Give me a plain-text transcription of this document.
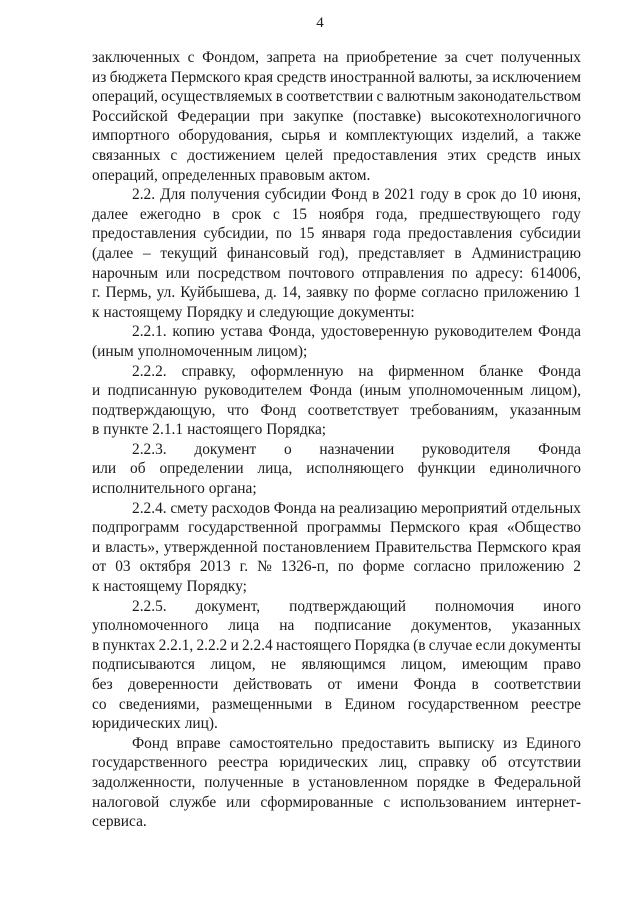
4
заключенных с Фондом, запрета на приобретение за счет полученных
из бюджета Пермского края средств иностранной валюты, за исключением
операций, осуществляемых в соответствии с валютным законодательством
Российской Федерации при закупке (поставке) высокотехнологичного
импортного оборудования, сырья и комплектующих изделий, а также
связанных с достижением целей предоставления этих средств иных
операций, определенных правовым актом.
2.2. Для получения субсидии Фонд в 2021 году в срок до 10 июня,
далее ежегодно в срок с 15 ноября года, предшествующего году
предоставления субсидии, по 15 января года предоставления субсидии
(далее – текущий финансовый год), представляет в Администрацию
нарочным или посредством почтового отправления по адресу: 614006,
г. Пермь, ул. Куйбышева, д. 14, заявку по форме согласно приложению 1
к настоящему Порядку и следующие документы:
2.2.1. копию устава Фонда, удостоверенную руководителем Фонда
(иным уполномоченным лицом);
2.2.2. справку, оформленную на фирменном бланке Фонда
и подписанную руководителем Фонда (иным уполномоченным лицом),
подтверждающую, что Фонд соответствует требованиям, указанным
в пункте 2.1.1 настоящего Порядка;
2.2.3. документ о назначении руководителя Фонда
или об определении лица, исполняющего функции единоличного
исполнительного органа;
2.2.4. смету расходов Фонда на реализацию мероприятий отдельных
подпрограмм государственной программы Пермского края «Общество
и власть», утвержденной постановлением Правительства Пермского края
от 03 октября 2013 г. № 1326-п, по форме согласно приложению 2
к настоящему Порядку;
2.2.5. документ, подтверждающий полномочия иного
уполномоченного лица на подписание документов, указанных
в пунктах 2.2.1, 2.2.2 и 2.2.4 настоящего Порядка (в случае если документы
подписываются лицом, не являющимся лицом, имеющим право
без доверенности действовать от имени Фонда в соответствии
со сведениями, размещенными в Едином государственном реестре
юридических лиц).
Фонд вправе самостоятельно предоставить выписку из Единого
государственного реестра юридических лиц, справку об отсутствии
задолженности, полученные в установленном порядке в Федеральной
налоговой службе или сформированные с использованием интернет-
сервиса.
